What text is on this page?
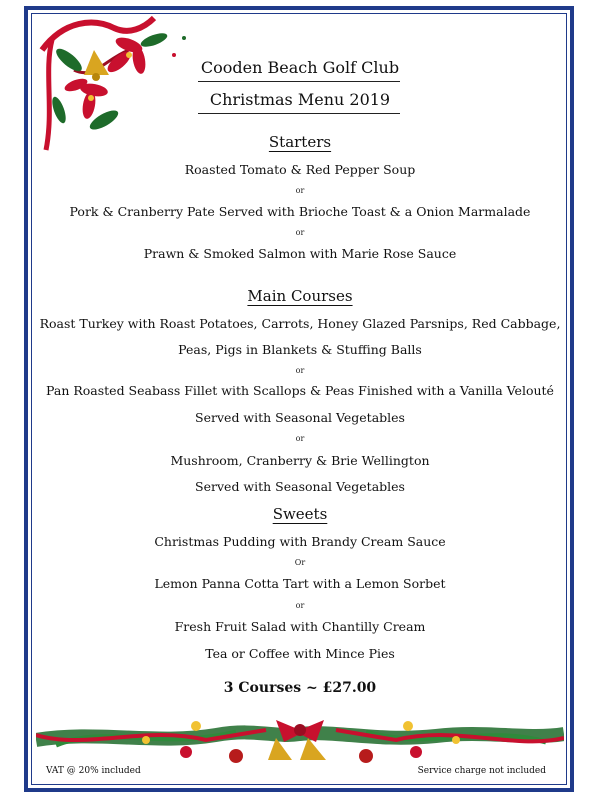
Cooden Beach Golf Club
Christmas Menu 2019
Starters
Roasted Tomato & Red Pepper Soup
or
Pork & Cranberry Pate Served with Brioche Toast & a Onion Marmalade
or
Prawn & Smoked Salmon with Marie Rose Sauce
Main Courses
Roast Turkey with Roast Potatoes, Carrots, Honey Glazed Parsnips, Red Cabbage,
Peas, Pigs in Blankets & Stuffing Balls
or
Pan Roasted Seabass Fillet with Scallops & Peas Finished with a Vanilla Velouté
Served with Seasonal Vegetables
or
Mushroom, Cranberry & Brie Wellington
Served with Seasonal Vegetables
Sweets
Christmas Pudding with Brandy Cream Sauce
Or
Lemon Panna Cotta Tart with a Lemon Sorbet
or
Fresh Fruit Salad with Chantilly Cream
Tea or Coffee with Mince Pies
3 Courses ~ £27.00
VAT @ 20% included	Service charge not included
